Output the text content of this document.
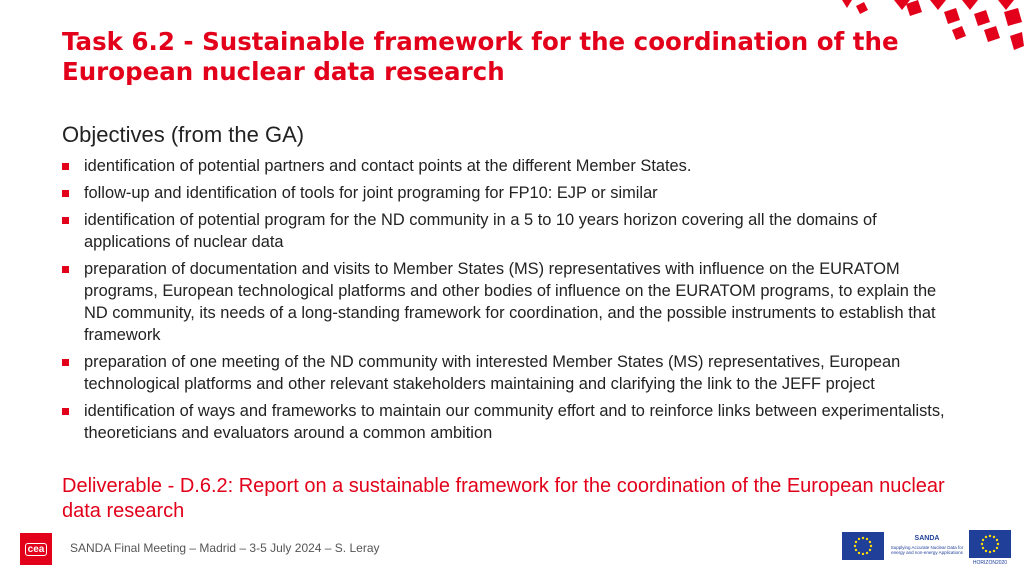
Task 6.2 - Sustainable framework for the coordination of the European nuclear data research
Objectives (from the GA)
identification of potential partners and contact points at the different Member States.
follow-up and identification of tools for joint programing for FP10: EJP or similar
identification of potential program for the ND community in a 5 to 10 years horizon covering all the domains of applications of nuclear data
preparation of documentation and visits to Member States (MS) representatives with influence on the EURATOM programs, European technological platforms and other bodies of influence on the EURATOM programs, to explain the ND community, its needs of a long-standing framework for coordination, and the possible instruments to establish that framework
preparation of one meeting of the ND community with interested Member States (MS) representatives, European technological platforms and other relevant stakeholders maintaining and clarifying the link to the JEFF project
identification of ways and frameworks to maintain our community effort and to reinforce links between experimentalists, theoreticians and evaluators around a common ambition

Deliverable - D.6.2: Report on a sustainable framework for the coordination of the European nuclear data research

cea SANDA Final Meeting – Madrid – 3-5 July 2024 – S. Leray
SANDA
Supplying Accurate Nuclear Data for energy and non-energy Applications
HORIZON2020
